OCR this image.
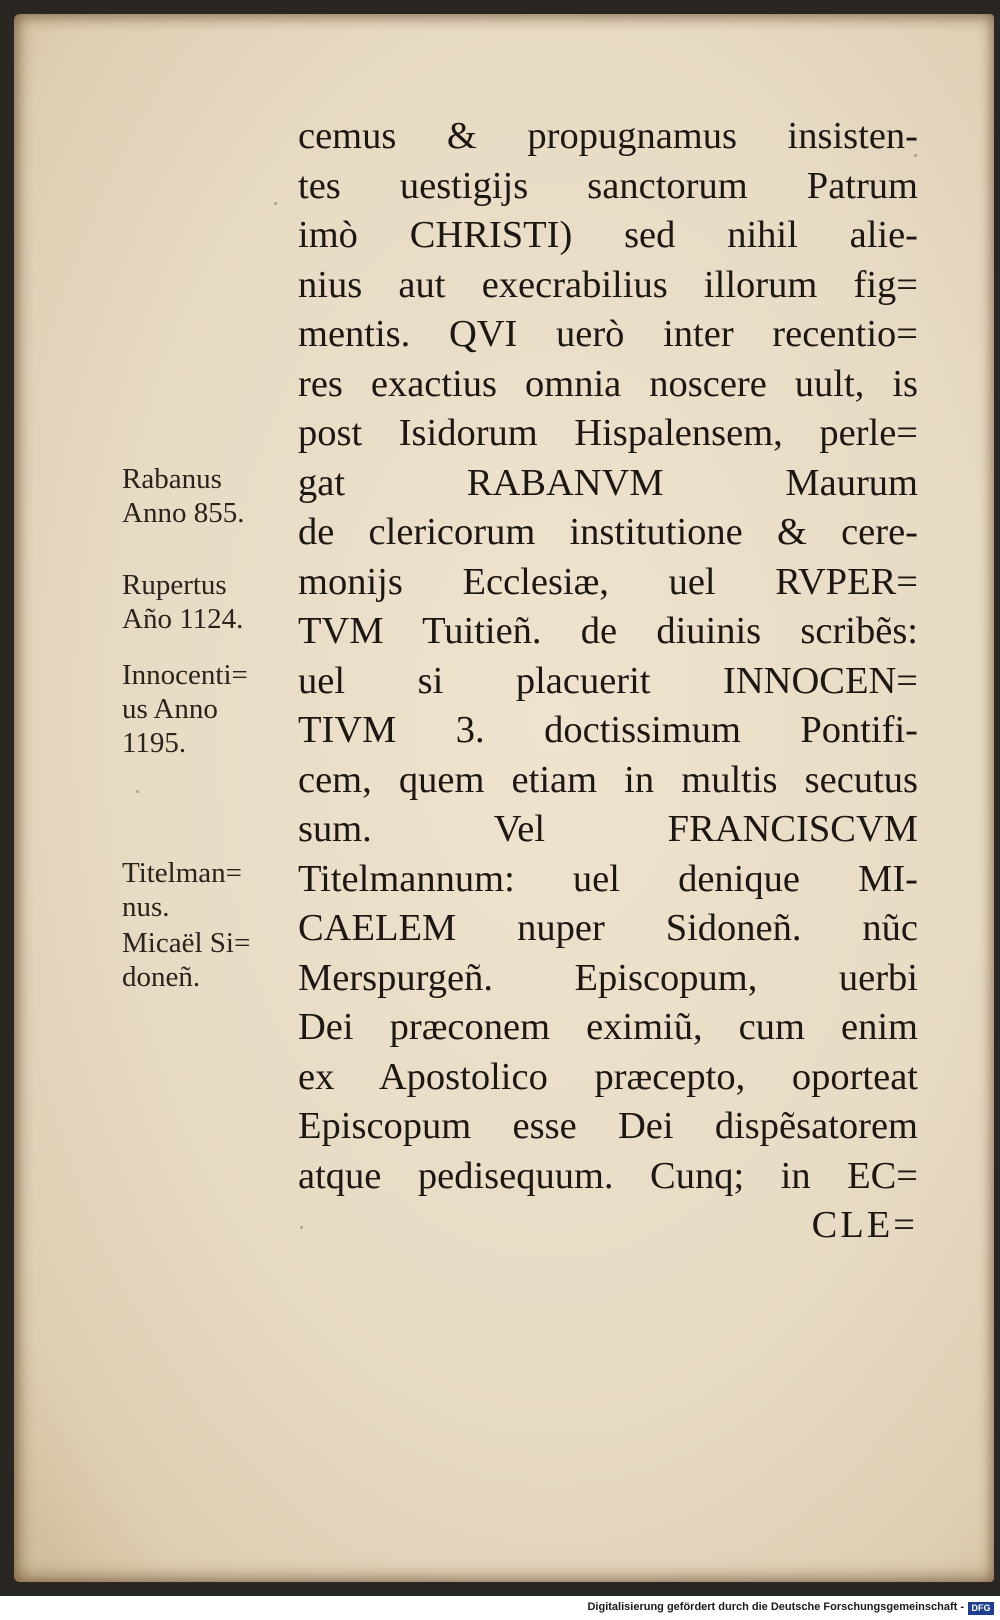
cemus & propugnamus insisten-
tes uestigijs sanctorum Patrum
imò CHRISTI) sed nihil alie-
nius aut execrabilius illorum fig=
mentis. QVI uerò inter recentio=
res exactius omnia noscere uult, is
post Isidorum Hispalensem, perle=
gat RABANVM Maurum
de clericorum institutione & cere-
monijs Ecclesiæ, uel RVPER=
TVM Tuitieñ. de diuinis scribẽs:
uel si placuerit INNOCEN=
TIVM 3. doctissimum Pontifi-
cem, quem etiam in multis secutus
sum. Vel FRANCISCVM
Titelmannum: uel denique MI-
CAELEM nuper Sidoneñ. nũc
Merspurgeñ. Episcopum, uerbi
Dei præconem eximiũ, cum enim
ex Apostolico præcepto, oporteat
Episcopum esse Dei dispẽsatorem
atque pedisequum. Cunq; in EC=
CLE=
Rabanus
Anno 855.
Rupertus
Año 1124.
Innocenti=
us Anno
1195.
Titelman=
nus.
Micaël Si=
doneñ.
Digitalisierung gefördert durch die Deutsche Forschungsgemeinschaft - DFG
